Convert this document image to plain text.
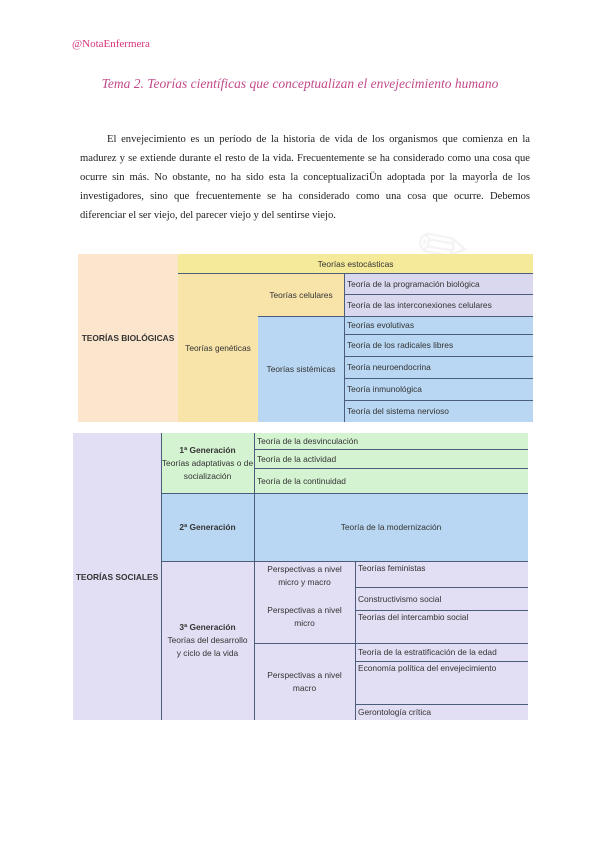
@NotaEnfermera
Tema 2. Teorías científicas que conceptualizan el envejecimiento humano

El envejecimiento es un período de la historia de vida de los organismos que comienza en la madurez y se extiende durante el resto de la vida. Frecuentemente se ha considerado como una cosa que ocurre sin más. No obstante, no ha sido esta la conceptualizaciÜn adoptada por la mayorÌa de los investigadores, sino que frecuentemente se ha considerado como una cosa que ocurre. Debemos diferenciar el ser viejo, del parecer viejo y del sentirse viejo.

TEORÍAS BIOLÓGICAS
Teorías estocásticas
Teorías genéticas
Teorías celulares
Teoría de la programación biológica
Teoría de las interconexiones celulares
Teorías sistémicas
Teorías evolutivas
Teoría de los radicales libres
Teoría neuroendocrina
Teoría inmunológica
Teoría del sistema nervioso
TEORÍAS SOCIALES
1ª Generación
Teorías adaptativas o de socialización
Teoría de la desvinculación
Teoría de la actividad
Teoría de la continuidad
2ª Generación	Teoría de la modernización
3ª Generación
Teorías del desarrollo y ciclo de la vida
Perspectivas a nivel micro y macro
Perspectivas a nivel micro
Perspectivas a nivel macro
Teorías feministas
Constructivismo social
Teorías del intercambio social
Teoría de la estratificación de la edad
Economía política del envejecimiento
Gerontología crítica
